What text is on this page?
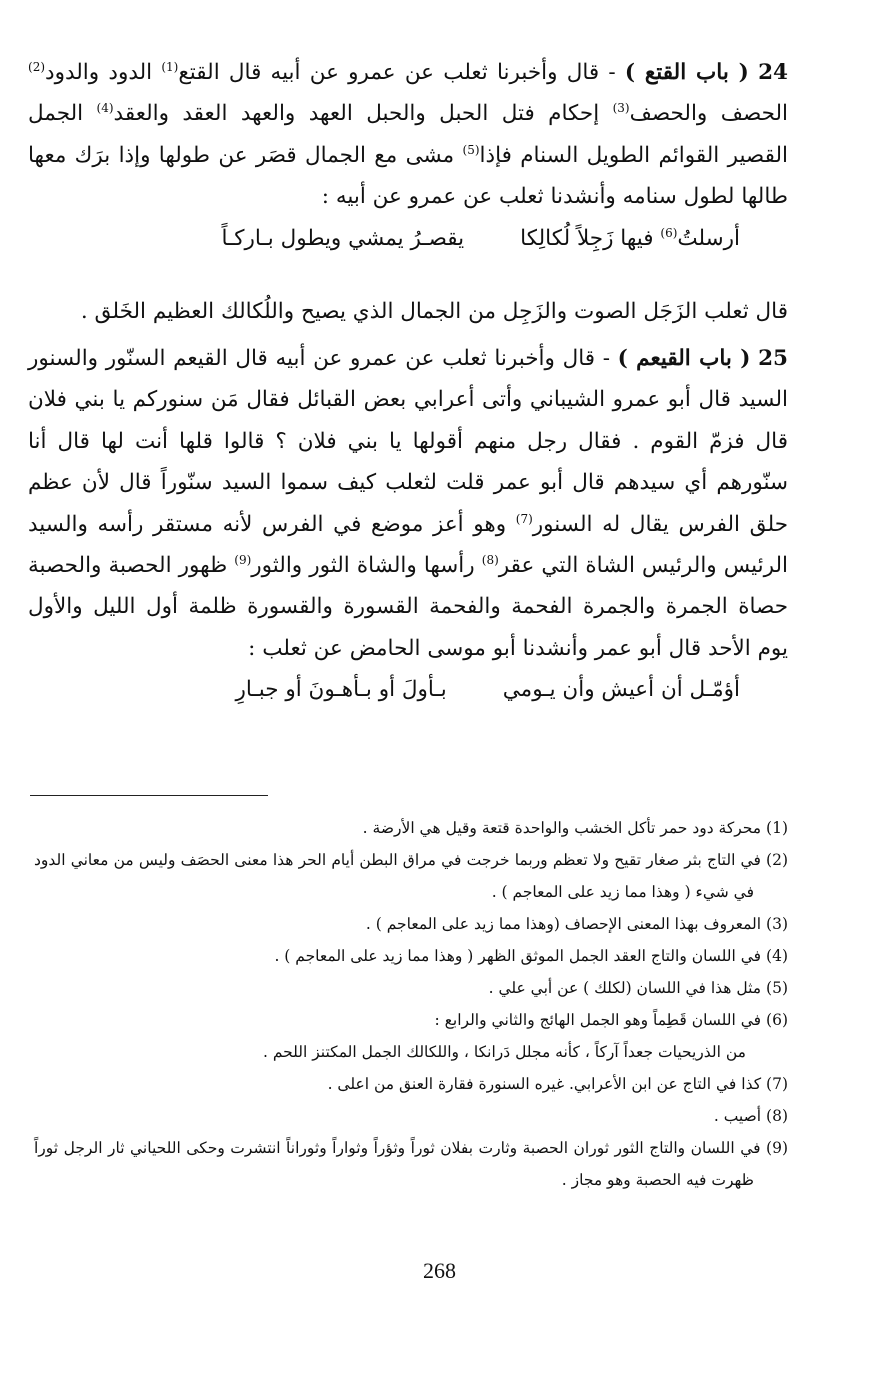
24 ( باب القتع ) - قال وأخبرنا ثعلب عن عمرو عن أبيه قال القتع$^{(1)}$ الدود والدود$^{(2)}$ الحصف والحصف$^{(3)}$ إحكام فتل الحبل والحبل العهد والعهد العقد والعقد$^{(4)}$ الجمل القصير القوائم الطويل السنام فإذا$^{(5)}$ مشى مع الجمال قصَر عن طولها وإذا برَك معها طالها لطول سنامه وأنشدنا ثعلب عن عمرو عن أبيه :

أرسلتُ$^{(6)}$ فيها زَجِلاً لُكالِكا
يقصـرُ يمشي ويطول بـاركـاً

قال ثعلب الزَجَل الصوت والزَجِل من الجمال الذي يصيح واللُكالك العظيم الخَلق .

25 ( باب القيعم ) - قال وأخبرنا ثعلب عن عمرو عن أبيه قال القيعم السنّور والسنور السيد قال أبو عمرو الشيباني وأتى أعرابي بعض القبائل فقال مَن سنوركم يا بني فلان قال فزمّ القوم . فقال رجل منهم أقولها يا بني فلان ؟ قالوا قلها أنت لها قال أنا سنّورهم أي سيدهم قال أبو عمر قلت لثعلب كيف سموا السيد سنّوراً قال لأن عظم حلق الفرس يقال له السنور$^{(7)}$ وهو أعز موضع في الفرس لأنه مستقر رأسه والسيد الرئيس والرئيس الشاة التي عقر$^{(8)}$ رأسها والشاة الثور والثور$^{(9)}$ ظهور الحصبة والحصبة حصاة الجمرة والجمرة الفحمة والفحمة القسورة والقسورة ظلمة أول الليل والأول يوم الأحد قال أبو عمر وأنشدنا أبو موسى الحامض عن ثعلب :

أؤمّـل أن أعيش وأن يـومي
بـأولَ أو بـأهـونَ أو جبـارِ

(1) محركة دود حمر تأكل الخشب والواحدة قتعة وقيل هي الأرضة .

(2) في التاج بثر صغار تقيح ولا تعظم وربما خرجت في مراق البطن أيام الحر هذا معنى الحصَف وليس من معاني الدود في شيء ( وهذا مما زيد على المعاجم ) .

(3) المعروف بهذا المعنى الإحصاف (وهذا مما زيد على المعاجم ) .

(4) في اللسان والتاج العقد الجمل الموثق الظهر ( وهذا مما زيد على المعاجم ) .

(5) مثل هذا في اللسان (لكلك ) عن أبي علي .

(6) في اللسان قَطِماً وهو الجمل الهائج والثاني والرابع :

من الذريحيات جعداً آركاً ، كأنه مجلل دَرانكا ، واللكالك الجمل المكتنز اللحم .

(7) كذا في التاج عن ابن الأعرابي. غيره السنورة فقارة العنق من اعلى .

(8) أصيب .

(9) في اللسان والتاج الثور ثوران الحصبة وثارت بفلان ثوراً وثؤراً وثواراً وثوراناً انتشرت وحكى اللحياني ثار الرجل ثوراً ظهرت فيه الحصبة وهو مجاز .

268
